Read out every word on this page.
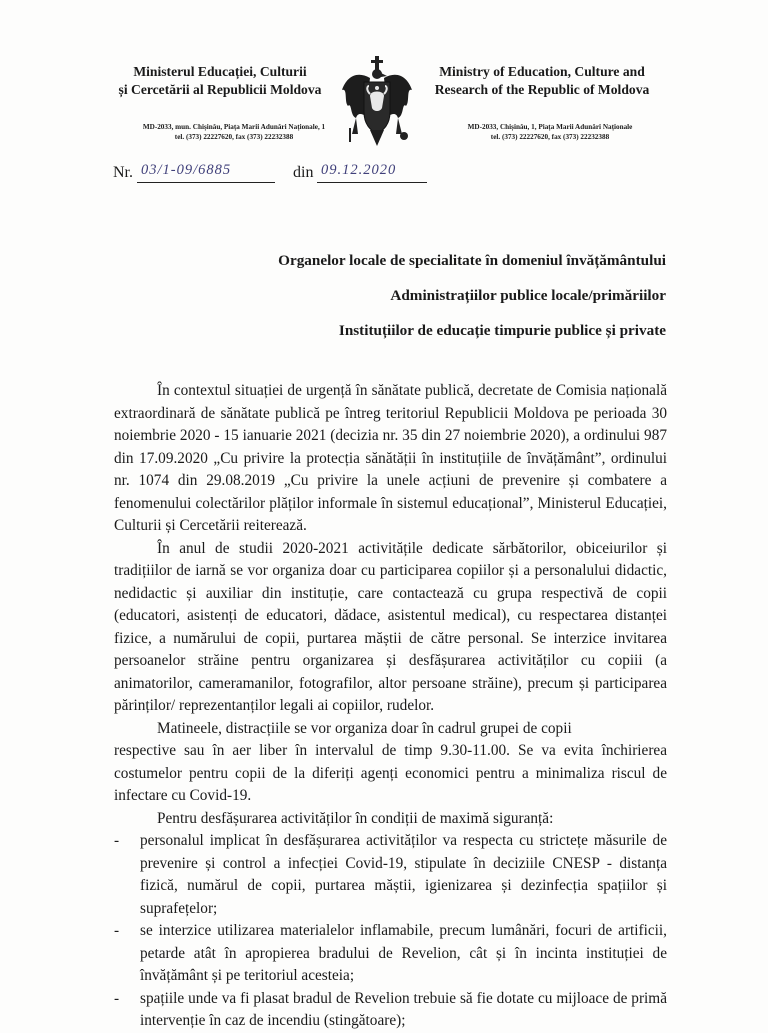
Ministerul Educației, Culturii
și Cercetării al Republicii Moldova
Ministry of Education, Culture and
Research of the Republic of Moldova
MD-2033, mun. Chișinău, Piața Marii Adunări Naționale, 1
tel. (373) 22227620, fax (373) 22232388
MD-2033, Chișinău, 1, Piața Marii Adunări Naționale
tel. (373) 22227620, fax (373) 22232388
Nr. 03/1-09/6885	din 09.12.2020
Organelor locale de specialitate în domeniul învățământului
Administrațiilor publice locale/primăriilor
Instituțiilor de educație timpurie publice și private

În contextul situației de urgență în sănătate publică, decretate de Comisia națională extraordinară de sănătate publică pe întreg teritoriul Republicii Moldova pe perioada 30 noiembrie 2020 - 15 ianuarie 2021 (decizia nr. 35 din 27 noiembrie 2020), a ordinului 987 din 17.09.2020 „Cu privire la protecția sănătății în instituțiile de învățământ”, ordinului nr. 1074 din 29.08.2019 „Cu privire la unele acțiuni de prevenire și combatere a fenomenului colectărilor plăților informale în sistemul educațional”, Ministerul Educației, Culturii și Cercetării reiterează.

În anul de studii 2020-2021 activitățile dedicate sărbătorilor, obiceiurilor și tradițiilor de iarnă se vor organiza doar cu participarea copiilor și a personalului didactic, nedidactic și auxiliar din instituție, care contactează cu grupa respectivă de copii (educatori, asistenți de educatori, dădace, asistentul medical), cu respectarea distanței fizice, a numărului de copii, purtarea măștii de către personal. Se interzice invitarea persoanelor străine pentru organizarea și desfășurarea activităților cu copiii (a animatorilor, cameramanilor, fotografilor, altor persoane străine), precum și participarea părinților/ reprezentanților legali ai copiilor, rudelor.

Matineele, distracțiile se vor organiza doar în cadrul grupei de copii

respective sau în aer liber în intervalul de timp 9.30-11.00. Se va evita închirierea costumelor pentru copii de la diferiți agenți economici pentru a minimaliza riscul de infectare cu Covid-19.

Pentru desfășurarea activităților în condiții de maximă siguranță:

- personalul implicat în desfășurarea activităților va respecta cu strictețe măsurile de prevenire și control a infecției Covid-19, stipulate în deciziile CNESP - distanța fizică, numărul de copii, purtarea măștii, igienizarea și dezinfecția spațiilor și suprafețelor;
- se interzice utilizarea materialelor inflamabile, precum lumânări, focuri de artificii, petarde atât în apropierea bradului de Revelion, cât și în incinta instituției de învățământ și pe teritoriul acesteia;
- spațiile unde va fi plasat bradul de Revelion trebuie să fie dotate cu mijloace de primă intervenție în caz de incendiu (stingătoare);
